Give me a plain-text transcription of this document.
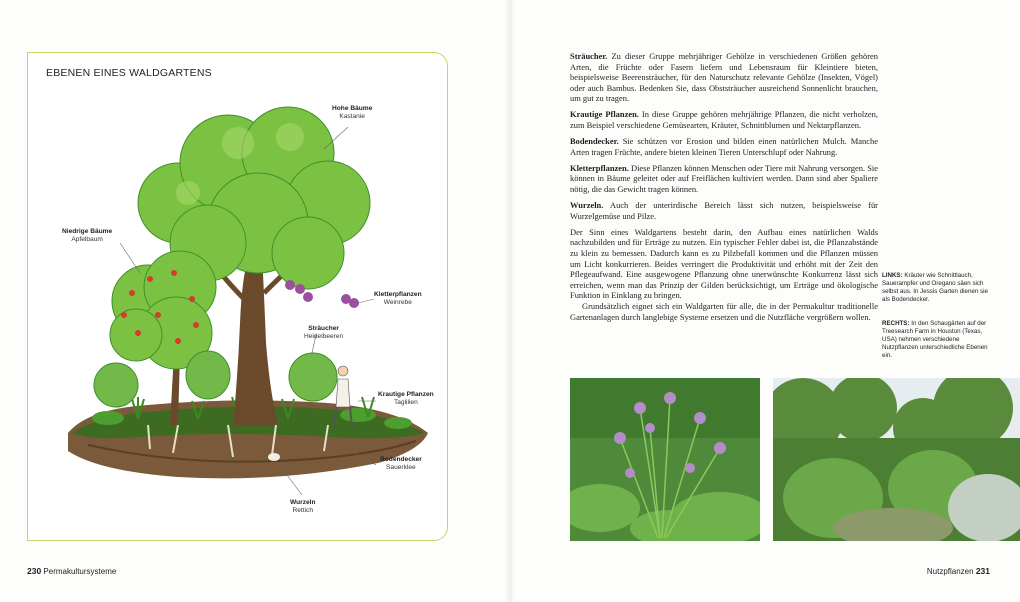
EBENEN EINES WALDGARTENS
Hohe Bäume
Kastanie
Niedrige Bäume
Apfelbaum
Kletterpflanzen
Weinrebe
Sträucher
Heidelbeeren
Krautige Pflanzen
Taglilien
Bodendecker
Sauerklee
Wurzeln
Rettich
230 Permakultursysteme

Sträucher. Zu dieser Gruppe mehrjähriger Gehölze in verschiedenen Größen gehören Arten, die Früchte oder Fasern liefern und Lebensraum für Kleintiere bieten, beispielsweise Beerensträucher, für den Naturschutz relevante Gehölze (Insekten, Vögel) oder auch Bambus. Bedenken Sie, dass Obststräucher ausreichend Sonnenlicht brauchen, um gut zu tragen.

Krautige Pflanzen. In diese Gruppe gehören mehrjährige Pflanzen, die nicht verholzen, zum Beispiel verschiedene Gemüsearten, Kräuter, Schnittblumen und Nektarpflanzen.

Bodendecker. Sie schützen vor Erosion und bilden einen natürlichen Mulch. Manche Arten tragen Früchte, andere bieten kleinen Tieren Unterschlupf oder Nahrung.

Kletterpflanzen. Diese Pflanzen können Menschen oder Tiere mit Nahrung versorgen. Sie können in Bäume geleitet oder auf Freiflächen kultiviert werden. Dann sind aber Spaliere nötig, die das Gewicht tragen können.

Wurzeln. Auch der unterirdische Bereich lässt sich nutzen, beispielsweise für Wurzelgemüse und Pilze.

Der Sinn eines Waldgartens besteht darin, den Aufbau eines natürlichen Walds nachzubilden und für Erträge zu nutzen. Ein typischer Fehler dabei ist, die Pflanzabstände zu klein zu bemessen. Dadurch kann es zu Pilzbefall kommen und die Pflanzen müssen um Licht konkurrieren. Beides verringert die Produktivität und erhöht mit der Zeit den Pflegeaufwand. Eine ausgewogene Pflanzung ohne unerwünschte Konkurrenz lässt sich erreichen, wenn man das Prinzip der Gilden berücksichtigt, um Erträge und ökologische Funktion in Einklang zu bringen.

Grundsätzlich eignet sich ein Waldgarten für alle, die in der Permakultur traditionelle Gartenanlagen durch langlebige Systeme ersetzen und die Nutzfläche vergrößern wollen.

LINKS: Kräuter wie Schnittlauch, Sauerampfer und Oregano säen sich selbst aus. In Jessis Garten dienen sie als Bodendecker.
RECHTS: In den Schaugärten auf der Treesearch Farm in Houston (Texas, USA) nehmen verschiedene Nutzpflanzen unterschiedliche Ebenen ein.
Nutzpflanzen 231
